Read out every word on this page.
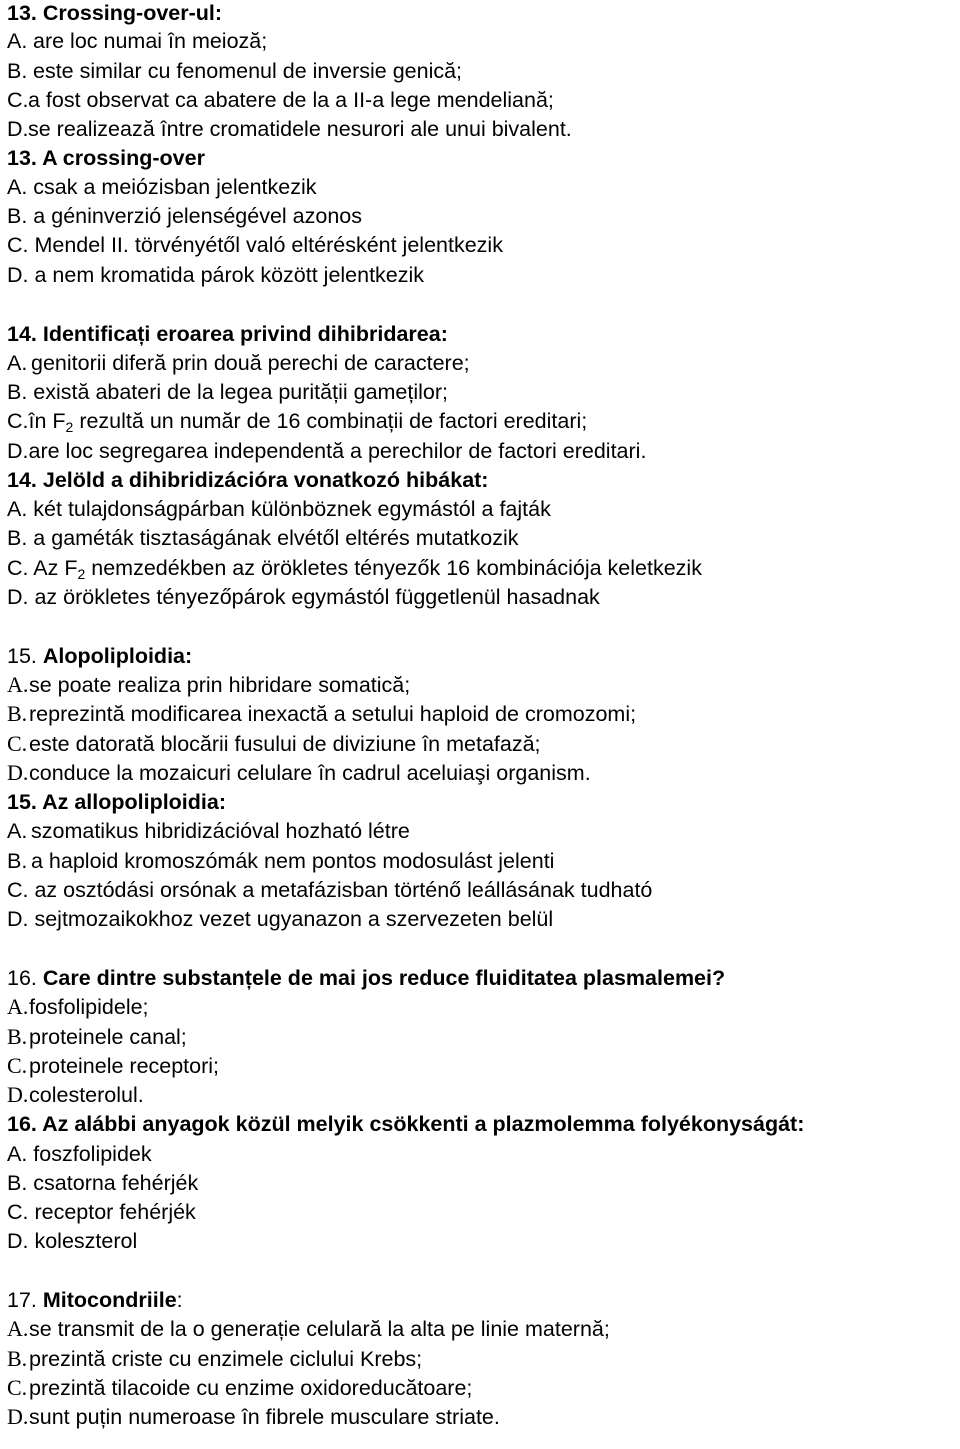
13. Crossing-over-ul:
A. are loc numai în meioză;
B. este similar cu fenomenul de inversie genică;
C.a fost observat ca abatere de la a II-a lege mendeliană;
D.se realizează între cromatidele nesurori ale unui bivalent.
13. A crossing-over
A. csak a meiózisban jelentkezik
B. a géninverzió jelenségével azonos
C. Mendel II. törvényétől való eltérésként jelentkezik
D. a nem kromatida párok között jelentkezik
14. Identificați eroarea privind dihibridarea:
A. genitorii diferă prin două perechi de caractere;
B. există abateri de la legea purității gameților;
C.în $F_2$ rezultă un număr de 16 combinații de factori ereditari;
D.are loc segregarea independentă a perechilor de factori ereditari.
14. Jelöld a dihibridizációra vonatkozó hibákat:
A. két tulajdonságpárban különböznek egymástól a fajták
B. a gaméták tisztaságának elvétől eltérés mutatkozik
C. Az $F_2$ nemzedékben az örökletes tényezők 16 kombinációja keletkezik
D. az örökletes tényezőpárok egymástól függetlenül hasadnak
15. Alopoliploidia:
A.se poate realiza prin hibridare somatică;
B.reprezintă modificarea inexactă a setului haploid de cromozomi;
C.este datorată blocării fusului de diviziune în metafază;
D.conduce la mozaicuri celulare în cadrul aceluiaşi organism.
15. Az allopoliploidia:
A. szomatikus hibridizációval hozható létre
B. a haploid kromoszómák nem pontos modosulást jelenti
C. az osztódási orsónak a metafázisban történő leállásának tudható
D. sejtmozaikokhoz vezet ugyanazon a szervezeten belül
16. Care dintre substanțele de mai jos reduce fluiditatea plasmalemei?
A.fosfolipidele;
B.proteinele canal;
C.proteinele receptori;
D.colesterolul.
16. Az alábbi anyagok közül melyik csökkenti a plazmolemma folyékonyságát:
A. foszfolipidek
B. csatorna fehérjék
C. receptor fehérjék
D. koleszterol
17. Mitocondriile:
A.se transmit de la o generație celulară la alta pe linie maternă;
B.prezintă criste cu enzimele ciclului Krebs;
C.prezintă tilacoide cu enzime oxidoreducătoare;
D.sunt puțin numeroase în fibrele musculare striate.
